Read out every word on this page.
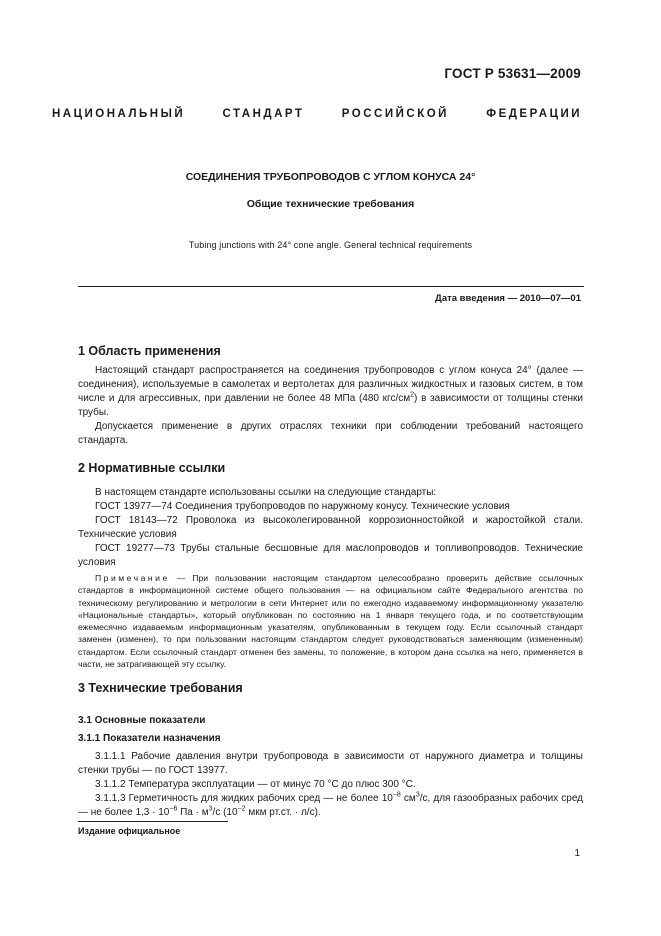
ГОСТ Р 53631—2009
НАЦИОНАЛЬНЫЙ	СТАНДАРТ	РОССИЙСКОЙ	ФЕДЕРАЦИИ
СОЕДИНЕНИЯ ТРУБОПРОВОДОВ С УГЛОМ КОНУСА 24°
Общие технические требования
Tubing junctions with 24° cone angle. General technical requirements
Дата введения — 2010—07—01
1 Область применения

Настоящий стандарт распространяется на соединения трубопроводов с углом конуса 24° (далее — соединения), используемые в самолетах и вертолетах для различных жидкостных и газовых систем, в том числе и для агрессивных, при давлении не более 48 МПа (480 кгс/$см^2$) в зависимости от толщины стенки трубы.

Допускается применение в других отраслях техники при соблюдении требований настоящего стандарта.

2 Нормативные ссылки

В настоящем стандарте использованы ссылки на следующие стандарты:

ГОСТ 13977—74 Соединения трубопроводов по наружному конусу. Технические условия

ГОСТ 18143—72 Проволока из высоколегированной коррозионностойкой и жаростойкой стали. Технические условия

ГОСТ 19277—73 Трубы стальные бесшовные для маслопроводов и топливопроводов. Технические условия

Примечание — При пользовании настоящим стандартом целесообразно проверить действие ссылочных стандартов в информационной системе общего пользования — на официальном сайте Федерального агентства по техническому регулированию и метрологии в сети Интернет или по ежегодно издаваемому информационному указателю «Национальные стандарты», который опубликован по состоянию на 1 января текущего года, и по соответствующим ежемесячно издаваемым информационным указателям, опубликованным в текущем году. Если ссылочный стандарт заменен (изменен), то при пользовании настоящим стандартом следует руководствоваться заменяющим (измененным) стандартом. Если ссылочный стандарт отменен без замены, то положение, в котором дана ссылка на него, применяется в части, не затрагивающей эту ссылку.

3 Технические требования
3.1 Основные показатели
3.1.1 Показатели назначения

3.1.1.1 Рабочие давления внутри трубопровода в зависимости от наружного диаметра и толщины стенки трубы — по ГОСТ 13977.

3.1.1.2 Температура эксплуатации — от минус 70 °С до плюс 300 °С.

3.1.1.3 Герметичность для жидких рабочих сред — не более $10^{-8}$ $см^3/с$, для газообразных рабочих сред — не более $1,3 \cdot 10^{-6}$ Па · $м^3/с$ ($10^{-2}$ мкм рт.ст. · л/с).

Издание официальное
1
